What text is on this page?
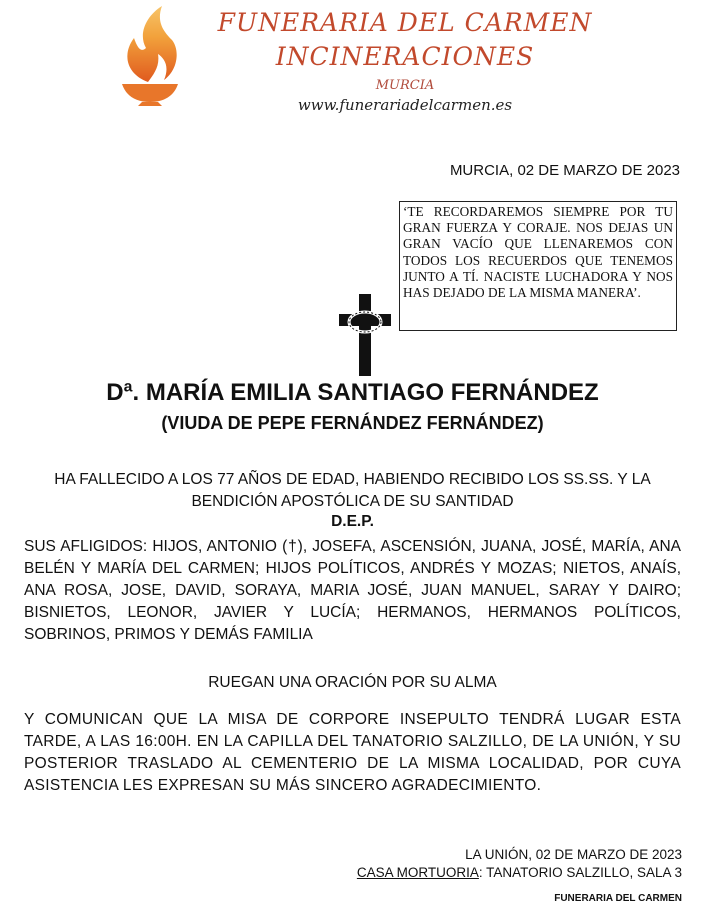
FUNERARIA DEL CARMEN
INCINERACIONES
MURCIA
www.funerariadelcarmen.es
MURCIA, 02 DE MARZO DE 2023
‘TE RECORDAREMOS SIEMPRE POR TU GRAN FUERZA Y CORAJE. NOS DEJAS UN GRAN VACÍO QUE LLENAREMOS CON TODOS LOS RECUERDOS QUE TENEMOS JUNTO A TÍ. NACISTE LUCHADORA Y NOS HAS DEJADO DE LA MISMA MANERA’.
Dª. MARÍA EMILIA SANTIAGO FERNÁNDEZ
(VIUDA DE PEPE FERNÁNDEZ FERNÁNDEZ)
HA FALLECIDO A LOS 77 AÑOS DE EDAD, HABIENDO RECIBIDO LOS SS.SS. Y LA BENDICIÓN APOSTÓLICA DE SU SANTIDAD
D.E.P.
SUS AFLIGIDOS: HIJOS, ANTONIO (†), JOSEFA, ASCENSIÓN, JUANA, JOSÉ, MARÍA, ANA BELÉN Y MARÍA DEL CARMEN; HIJOS POLÍTICOS, ANDRÉS Y MOZAS; NIETOS, ANAÍS, ANA ROSA, JOSE, DAVID, SORAYA, MARIA JOSÉ, JUAN MANUEL, SARAY Y DAIRO; BISNIETOS, LEONOR, JAVIER Y LUCÍA; HERMANOS, HERMANOS POLÍTICOS, SOBRINOS, PRIMOS Y DEMÁS FAMILIA
RUEGAN UNA ORACIÓN POR SU ALMA
Y COMUNICAN QUE LA MISA DE CORPORE INSEPULTO TENDRÁ LUGAR ESTA TARDE, A LAS 16:00H. EN LA CAPILLA DEL TANATORIO SALZILLO, DE LA UNIÓN, Y SU POSTERIOR TRASLADO AL CEMENTERIO DE LA MISMA LOCALIDAD, POR CUYA ASISTENCIA LES EXPRESAN SU MÁS SINCERO AGRADECIMIENTO.
LA UNIÓN, 02 DE MARZO DE 2023
CASA MORTUORIA: TANATORIO SALZILLO, SALA 3
FUNERARIA DEL CARMEN
